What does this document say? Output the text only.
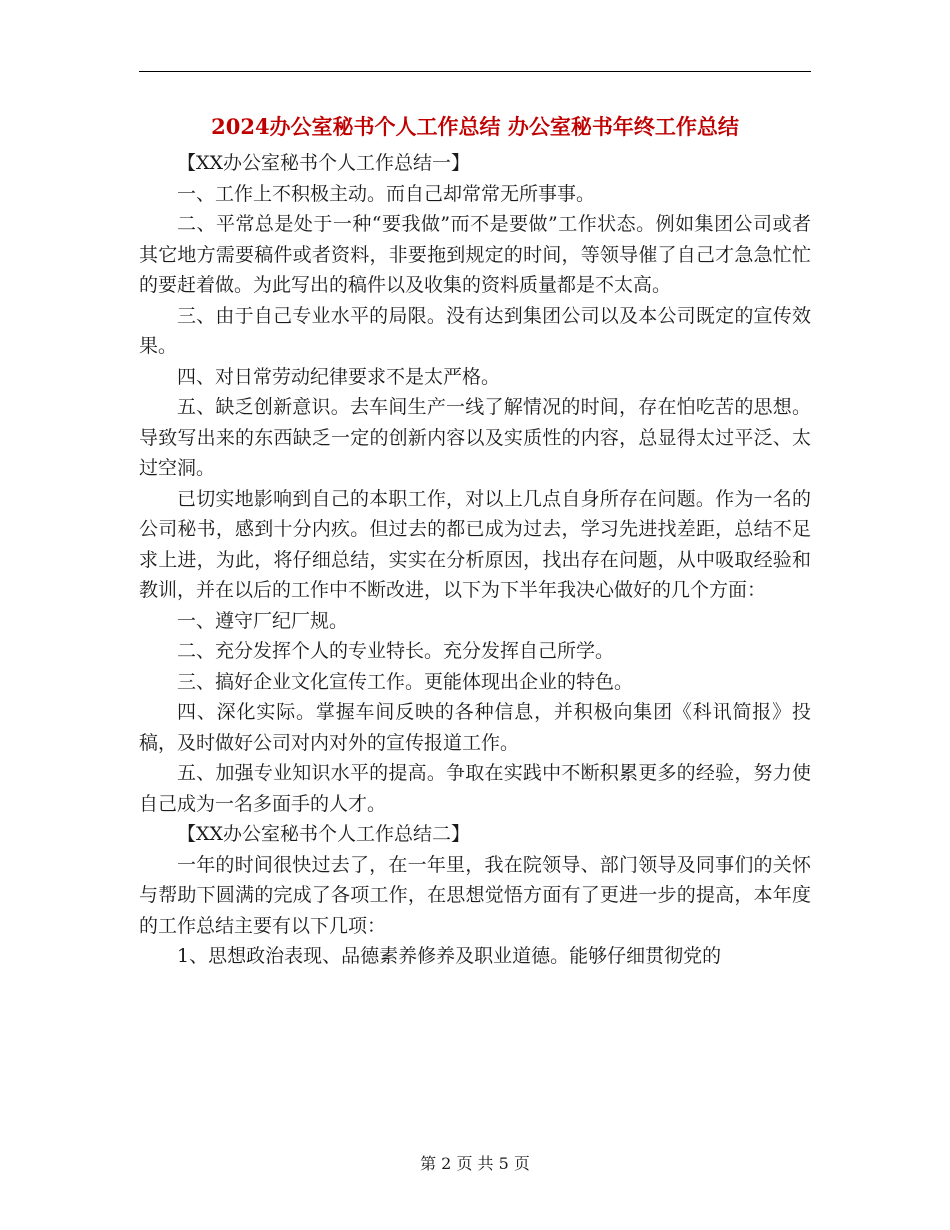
2024办公室秘书个人工作总结 办公室秘书年终工作总结

【XX办公室秘书个人工作总结一】

一、工作上不积极主动。而自己却常常无所事事。

二、平常总是处于一种“要我做”而不是要做”工作状态。例如集团公司或者其它地方需要稿件或者资料，非要拖到规定的时间，等领导催了自己才急急忙忙的要赶着做。为此写出的稿件以及收集的资料质量都是不太高。

三、由于自己专业水平的局限。没有达到集团公司以及本公司既定的宣传效果。

四、对日常劳动纪律要求不是太严格。

五、缺乏创新意识。去车间生产一线了解情况的时间，存在怕吃苦的思想。导致写出来的东西缺乏一定的创新内容以及实质性的内容，总显得太过平泛、太过空洞。

已切实地影响到自己的本职工作，对以上几点自身所存在问题。作为一名的公司秘书，感到十分内疚。但过去的都已成为过去，学习先进找差距，总结不足求上进，为此，将仔细总结，实实在分析原因，找出存在问题，从中吸取经验和教训，并在以后的工作中不断改进，以下为下半年我决心做好的几个方面：

一、遵守厂纪厂规。

二、充分发挥个人的专业特长。充分发挥自己所学。

三、搞好企业文化宣传工作。更能体现出企业的特色。

四、深化实际。掌握车间反映的各种信息，并积极向集团《科讯简报》投稿，及时做好公司对内对外的宣传报道工作。

五、加强专业知识水平的提高。争取在实践中不断积累更多的经验，努力使自己成为一名多面手的人才。

【XX办公室秘书个人工作总结二】

一年的时间很快过去了，在一年里，我在院领导、部门领导及同事们的关怀与帮助下圆满的完成了各项工作，在思想觉悟方面有了更进一步的提高，本年度的工作总结主要有以下几项：

1、思想政治表现、品德素养修养及职业道德。能够仔细贯彻党的

第 2 页 共 5 页
